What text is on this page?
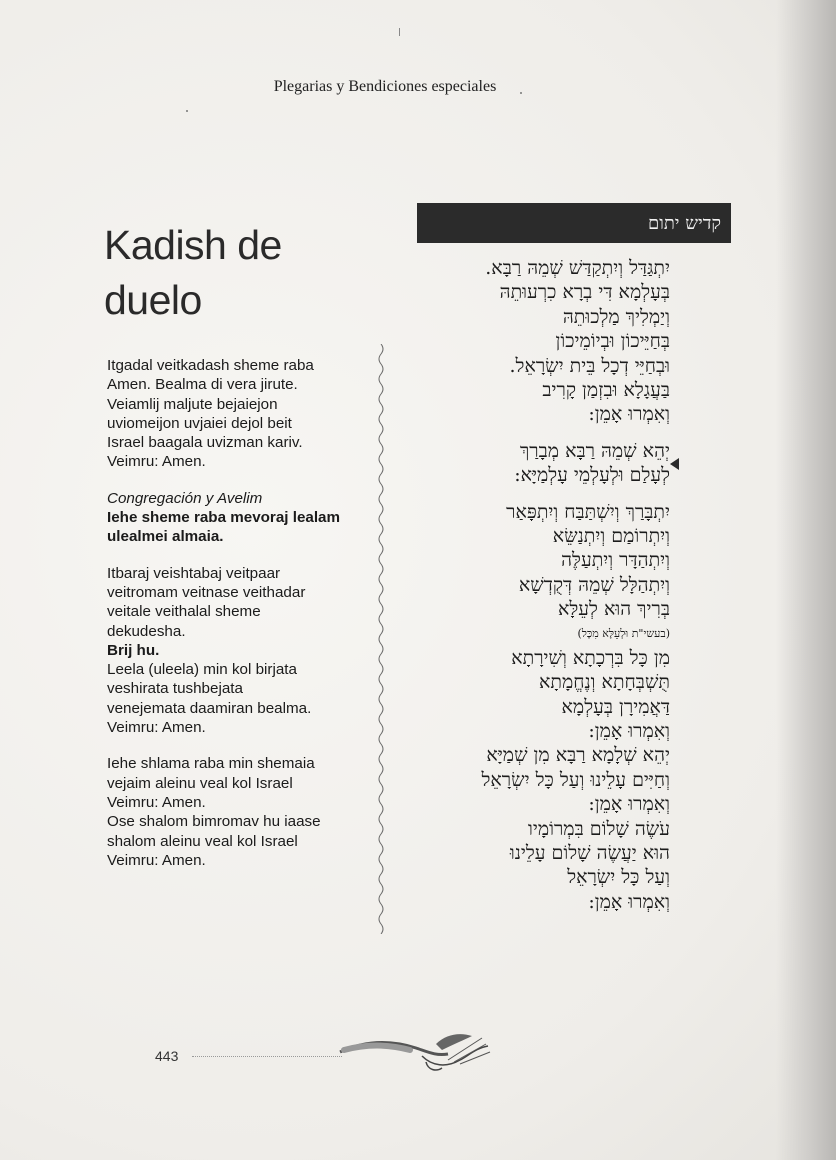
Plegarias y Bendiciones especiales
Kadish de
duelo
Itgadal veitkadash sheme raba
Amen. Bealma di vera jirute.
Veiamlij maljute bejaiejon
uviomeijon uvjaiei dejol beit
Israel baagala uvizman kariv.
Veimru: Amen.
Congregación y Avelim
Iehe sheme raba mevoraj lealam
ulealmei almaia.
Itbaraj veishtabaj veitpaar
veitromam veitnase veithadar
veitale veithalal sheme
dekudesha.
Brij hu.
Leela (uleela) min kol birjata
veshirata tushbejata
venejemata daamiran bealma.
Veimru: Amen.
Iehe shlama raba min shemaia
vejaim aleinu veal kol Israel
Veimru: Amen.
Ose shalom bimromav hu iaase
shalom aleinu veal kol Israel
Veimru: Amen.
קדיש יתום
יִתְגַּדַּל וְיִתְקַדַּשׁ שְׁמֵהּ רַבָּא.
בְּעָלְמָא דִּי בְרָא כִרְעוּתֵהּ
וְיַמְלִיךְ מַלְכוּתֵהּ
בְּחַיֵּיכוֹן וּבְיוֹמֵיכוֹן
וּבְחַיֵּי דְכָל בֵּית יִשְׂרָאֵל.
בַּעֲגָלָא וּבִזְמַן קָרִיב
וְאִמְרוּ אָמֵן:
יְהֵא שְׁמֵהּ רַבָּא מְבָרַךְ
לְעָלַם וּלְעָלְמֵי עָלְמַיָּא:
יִתְבָּרַךְ וְיִשְׁתַּבַּח וְיִתְפָּאַר
וְיִתְרוֹמַם וְיִתְנַשֵּׂא
וְיִתְהַדָּר וְיִתְעַלֶּה
וְיִתְהַלָּל שְׁמֵהּ דְּקֻדְשָׁא
בְּרִיךְ הוּא לְעֵלָּא
(בעשי"ת וּלְעֵלָּא מִכָּל)
מִן כָּל בִּרְכָתָא וְשִׁירָתָא
תֻּשְׁבְּחָתָא וְנֶחֱמָתָא
דַּאֲמִירָן בְּעָלְמָא
וְאִמְרוּ אָמֵן:
יְהֵא שְׁלָמָא רַבָּא מִן שְׁמַיָּא
וְחַיִּים עָלֵינוּ וְעַל כָּל יִשְׂרָאֵל
וְאִמְרוּ אָמֵן:
עֹשֶׂה שָׁלוֹם בִּמְרוֹמָיו
הוּא יַעֲשֶׂה שָׁלוֹם עָלֵינוּ
וְעַל כָּל יִשְׂרָאֵל
וְאִמְרוּ אָמֵן:
443
